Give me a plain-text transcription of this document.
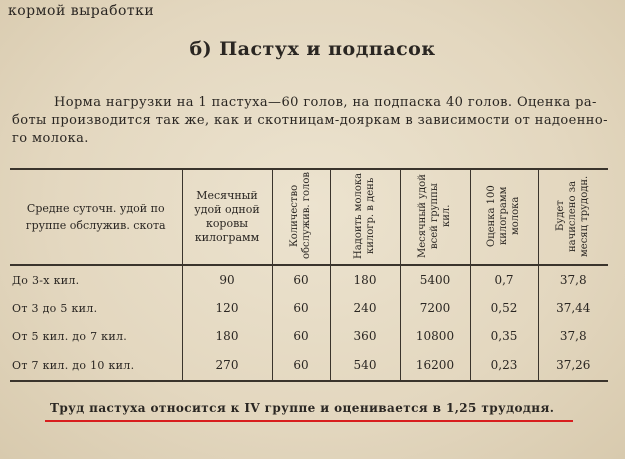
кормой выработки
б) Пастух и подпасок
Норма нагрузки на 1 пастуха—60 голов, на подпаска 40 голов. Оценка ра-
боты производится так же, как и скотницам-дояркам в зависимости от надоенно-
го молока.
Средне суточн. удой по группе обслужив. скота	Месячный удой одной коровы килограмм	Количество обслужив. голов	Надоить молока килогр. в день	Месячный удой всей группы кил.	Оценка 100 килограмм молока	Будет начислено за месяц трудодн.
До 3-х кил.	90	60	180	5400	0,7	37,8
От 3 до 5 кил.	120	60	240	7200	0,52	37,44
От 5 кил. до 7 кил.	180	60	360	10800	0,35	37,8
От 7 кил. до 10 кил.	270	60	540	16200	0,23	37,26
Труд пастуха относится к IV группе и оценивается в 1,25 трудодня.
